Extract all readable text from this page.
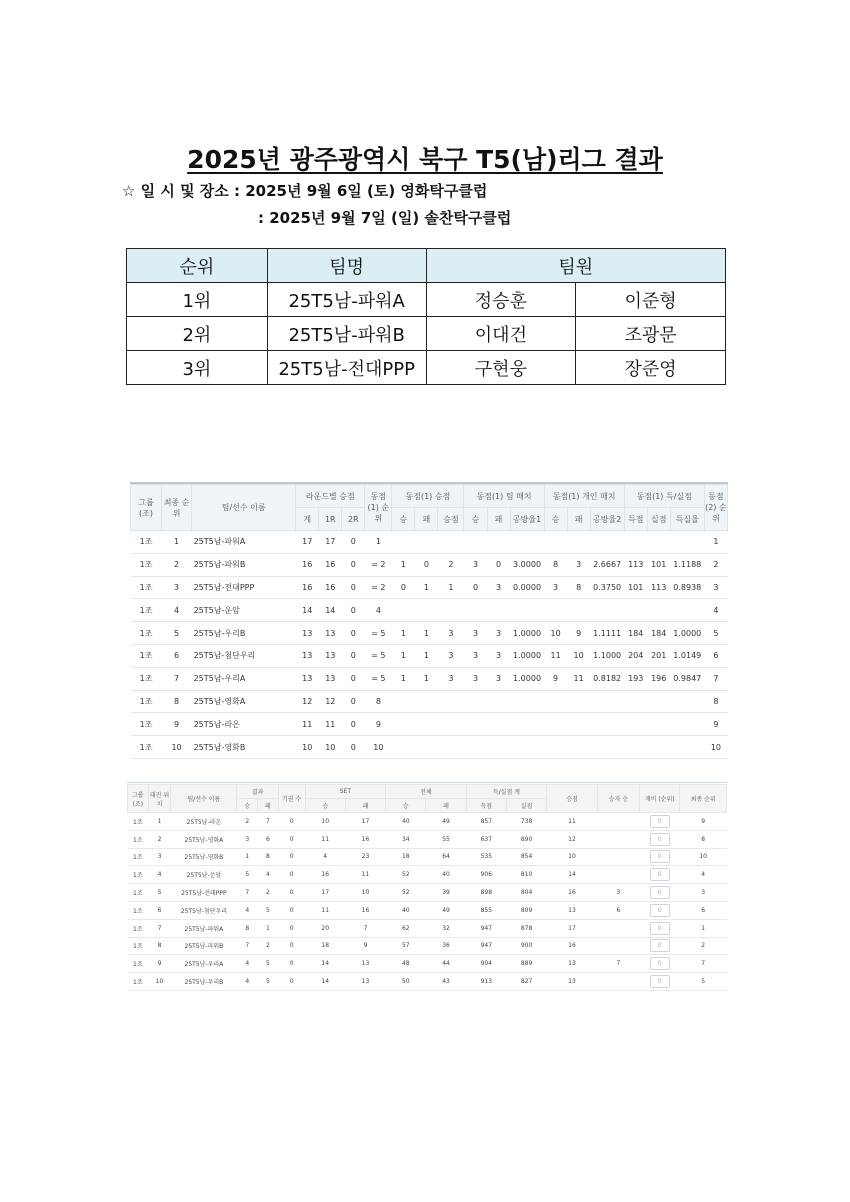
2025년 광주광역시 북구 T5(남)리그 결과
☆ 일 시 및 장소 : 2025년 9월 6일 (토) 영화탁구클럽
: 2025년 9월 7일 (일) 솔찬탁구클럽
순위	팀명	팀원	
1위	25T5남-파워A	정승훈	이준형
2위	25T5남-파워B	이대건	조광문
3위	25T5남-전대PPP	구현웅	장준영
그룹 (조)	최종 순위	팀/선수 이름	라운드별 승점			동점 (1) 순위	동점(1) 승점			동점(1) 팀 매치			동점(1) 개인 매치			동점(1) 득/실점			동점 (2) 순위
			계	1R	2R		승	패	승점	승	패	공방율1	승	패	공방율2	득점	실점	득실율	
1조	1	25T5남-파워A	17	17	0	1													1
1조	2	25T5남-파워B	16	16	0	= 2	1	0	2	3	0	3.0000	8	3	2.6667	113	101	1.1188	2
1조	3	25T5남-전대PPP	16	16	0	= 2	0	1	1	0	3	0.0000	3	8	0.3750	101	113	0.8938	3
1조	4	25T5남-운암	14	14	0	4													4
1조	5	25T5남-우리B	13	13	0	= 5	1	1	3	3	3	1.0000	10	9	1.1111	184	184	1.0000	5
1조	6	25T5남-첨단우리	13	13	0	= 5	1	1	3	3	3	1.0000	11	10	1.1000	204	201	1.0149	6
1조	7	25T5남-우리A	13	13	0	= 5	1	1	3	3	3	1.0000	9	11	0.8182	193	196	0.9847	7
1조	8	25T5남-영화A	12	12	0	8													8
1조	9	25T5남-라온	11	11	0	9													9
1조	10	25T5남-영화B	10	10	0	10													10
그룹 (조)	대진 위치	팀/선수 이름	결과		기권 수	SET		전체		득/실점 계		승점	승자 승	재비 (순위)	최종 순위
			승	패		승	패	승	패	득점	실점				
1조	1	25T5남-라온	2	7	0	10	17	40	49	857	738	11		0	9
1조	2	25T5남-영화A	3	6	0	11	16	34	55	637	890	12		0	8
1조	3	25T5남-영화B	1	8	0	4	23	18	64	535	854	10		0	10
1조	4	25T5남-운암	5	4	0	16	11	52	40	906	810	14		0	4
1조	5	25T5남-전대PPP	7	2	0	17	10	52	39	898	804	16	3	0	3
1조	6	25T5남-첨단우리	4	5	0	11	16	40	49	855	809	13	6	0	6
1조	7	25T5남-파워A	8	1	0	20	7	62	32	947	878	17		0	1
1조	8	25T5남-파워B	7	2	0	18	9	57	36	947	900	16		0	2
1조	9	25T5남-우리A	4	5	0	14	13	48	44	904	889	13	7	0	7
1조	10	25T5남-우리B	4	5	0	14	13	50	43	913	827	13		0	5
